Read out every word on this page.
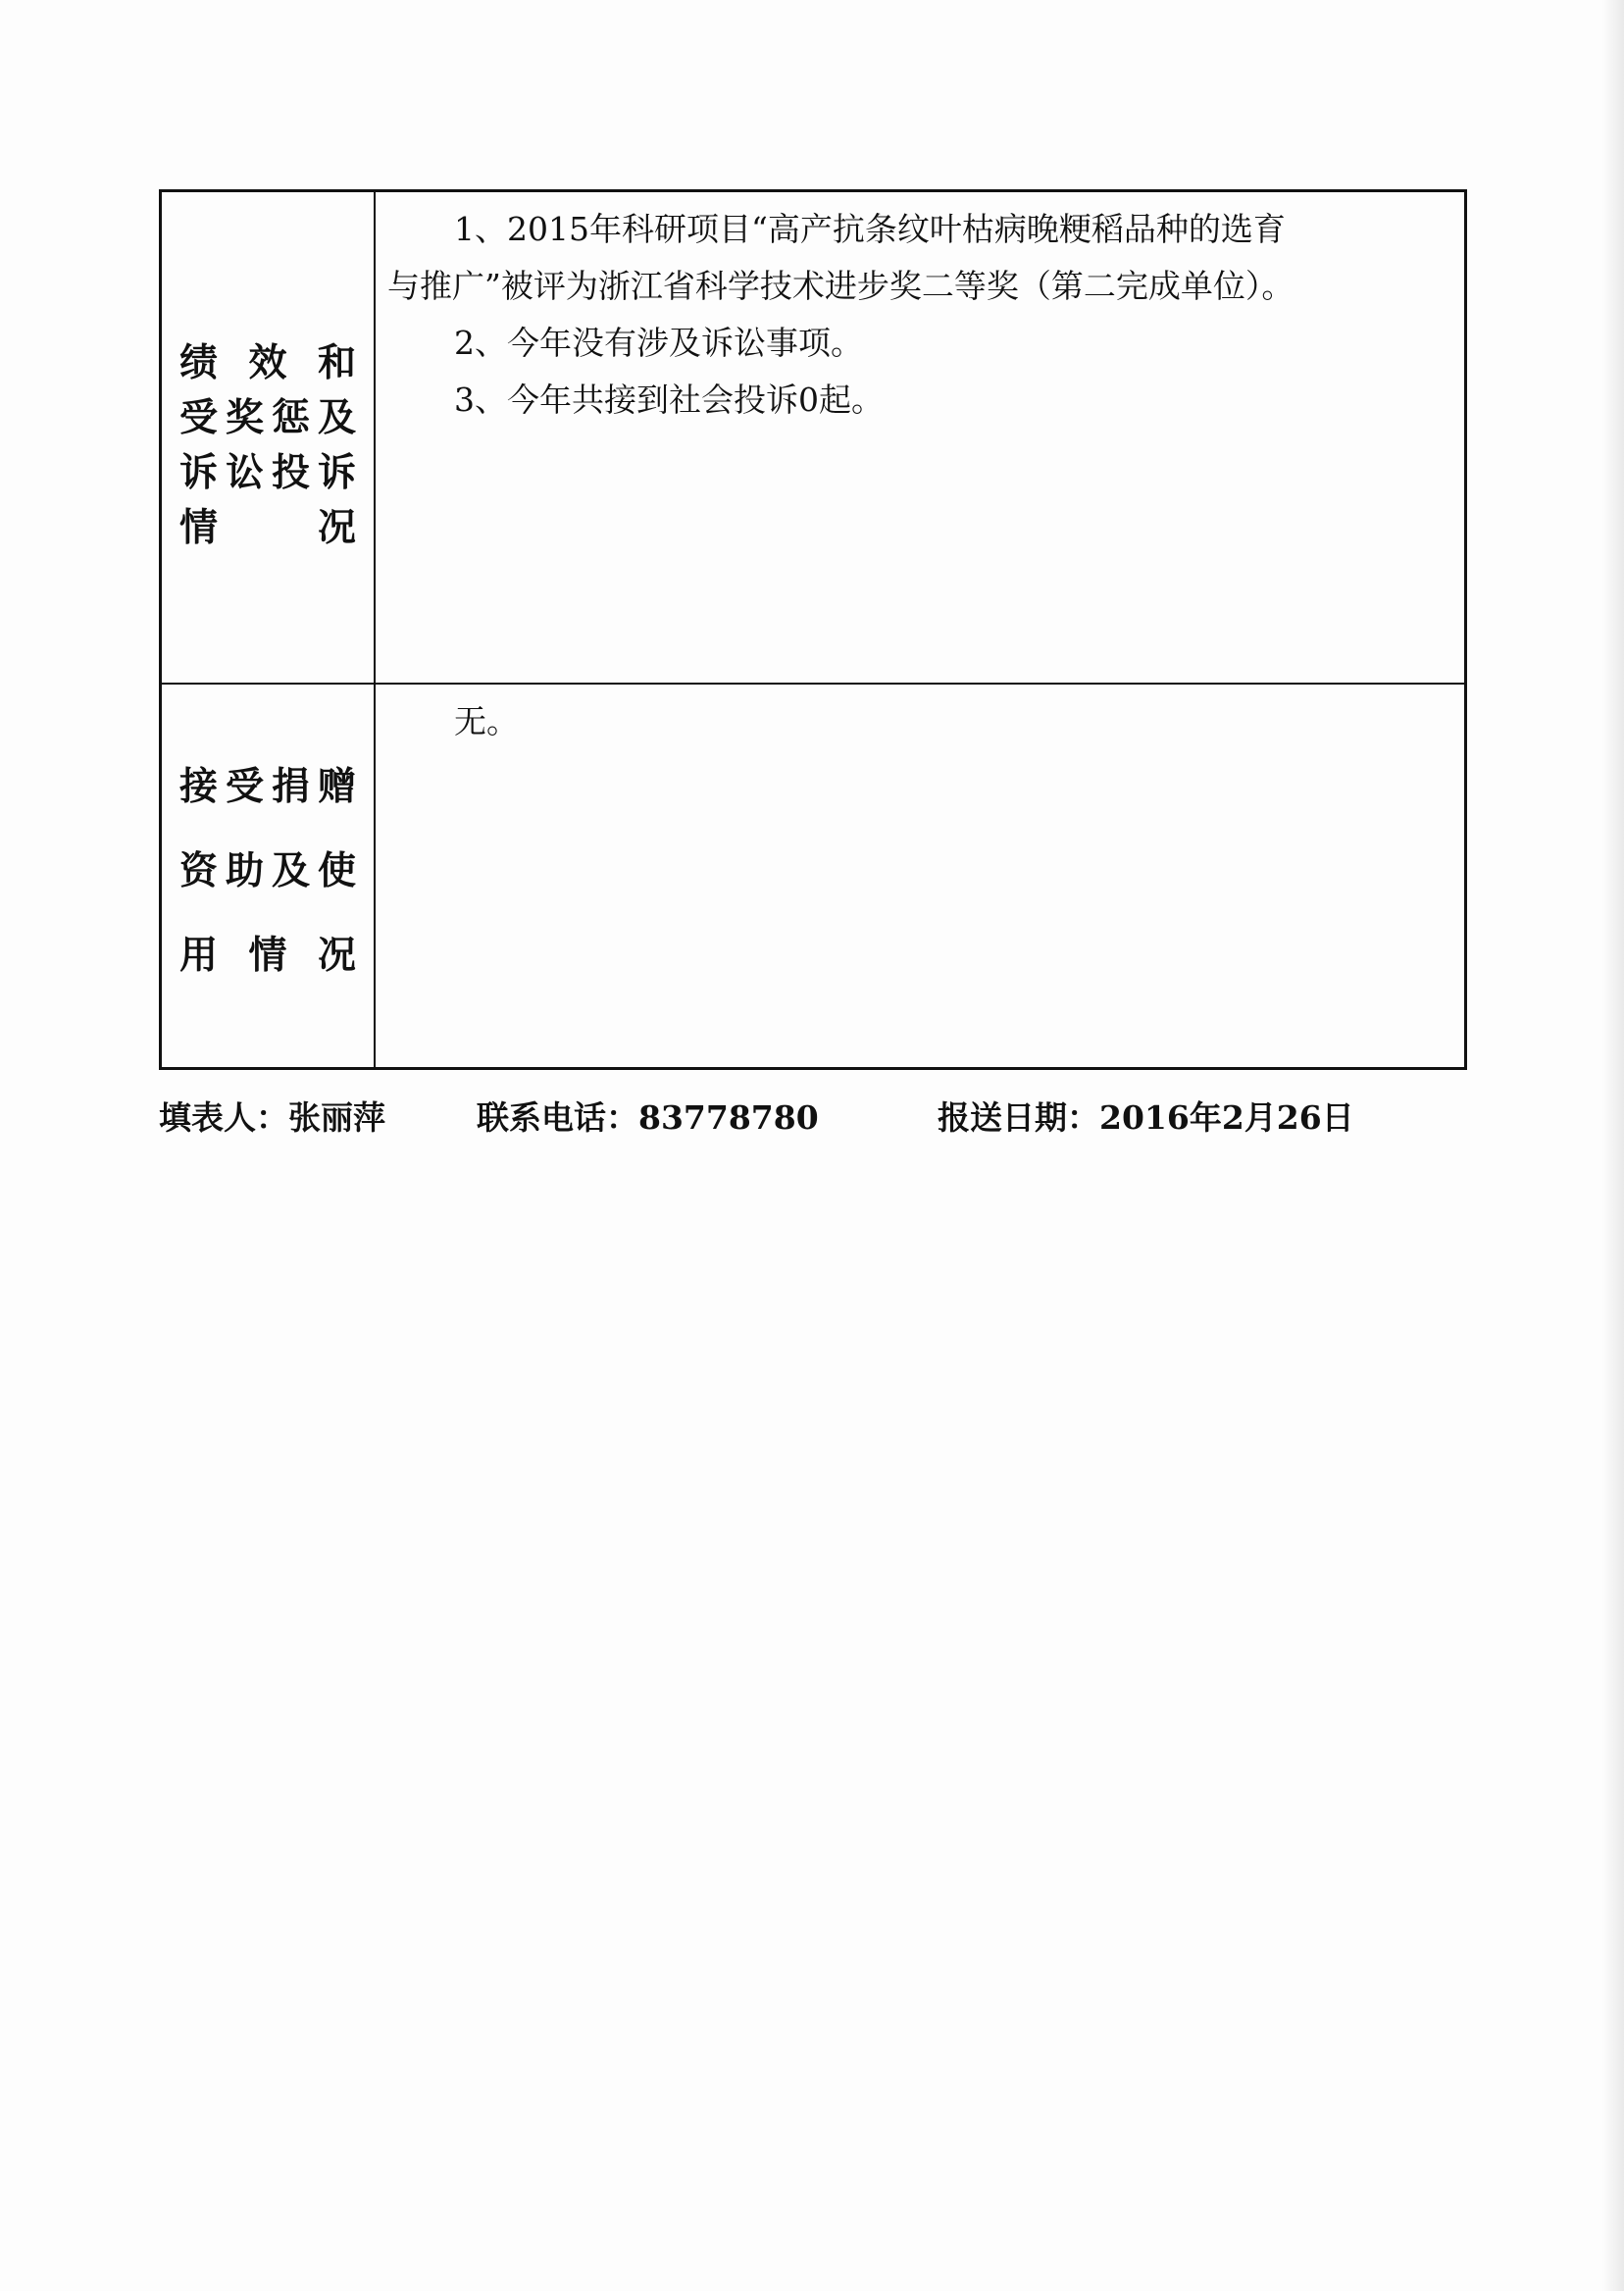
绩 效 和
受 奖 惩 及
诉 讼 投 诉
情	况
1、2015年科研项目“高产抗条纹叶枯病晚粳稻品种的选育
与推广”被评为浙江省科学技术进步奖二等奖（第二完成单位）。
2、今年没有涉及诉讼事项。
3、今年共接到社会投诉0起。
接 受 捐 赠
资 助 及 使
用 情 况
无。
填表人：张丽萍	联系电话：83778780	报送日期：2016年2月26日
